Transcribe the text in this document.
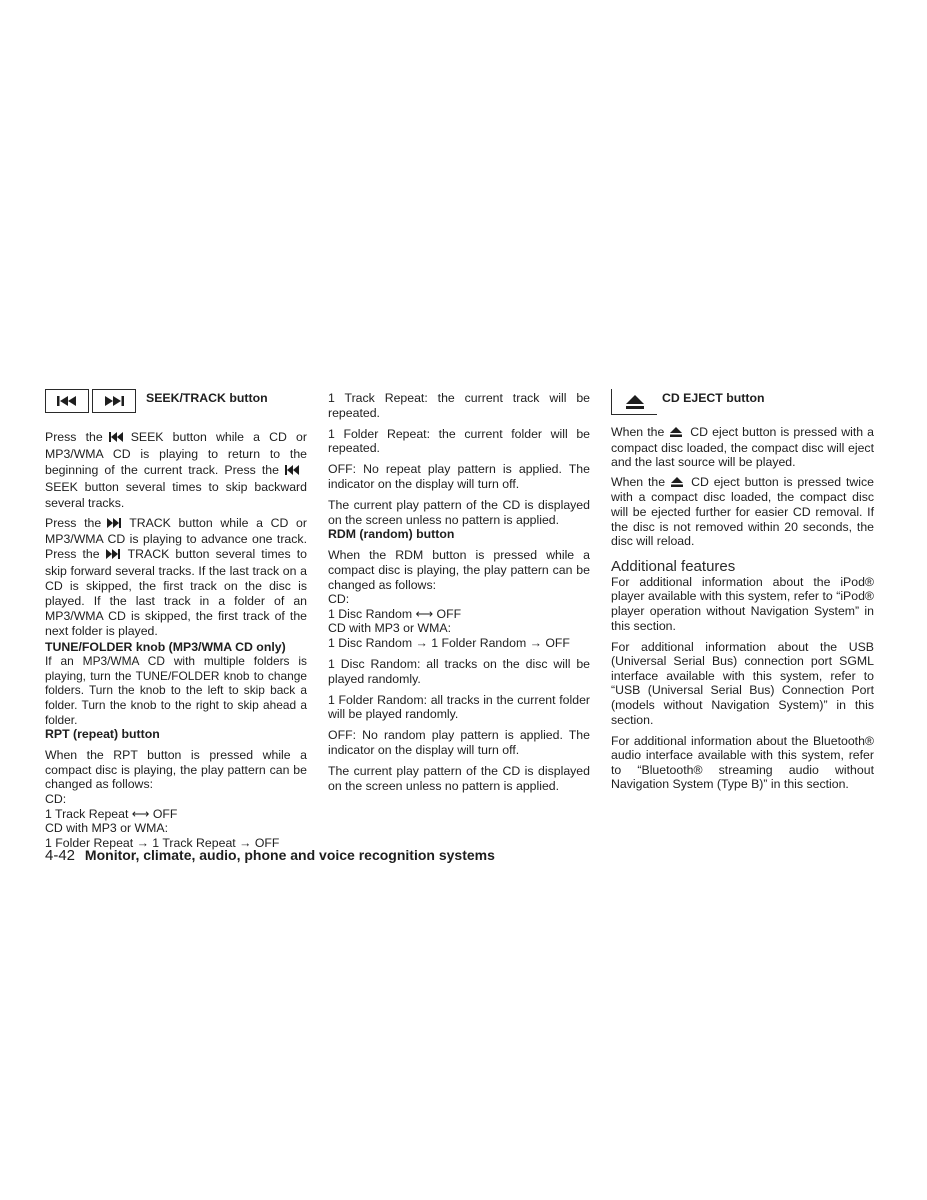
SEEK/TRACK button

Press the SEEK button while a CD or MP3/WMA CD is playing to return to the beginning of the current track. Press theSEEK button several times to skip backward several tracks.

Press the TRACK button while a CD or MP3/WMA CD is playing to advance one track. Press the TRACK button several times to skip forward several tracks. If the last track on a CD is skipped, the first track on the disc is played. If the last track in a folder of an MP3/WMA CD is skipped, the first track of the next folder is played.

TUNE/FOLDER knob (MP3/WMA CD only)

If an MP3/WMA CD with multiple folders is playing, turn the TUNE/FOLDER knob to change folders. Turn the knob to the left to skip back a folder. Turn the knob to the right to skip ahead a folder.

RPT (repeat) button

When the RPT button is pressed while a compact disc is playing, the play pattern can be changed as follows:

CD:

1 Track Repeat ⟷ OFF

CD with MP3 or WMA:

1 Folder Repeat → 1 Track Repeat → OFF

1 Track Repeat: the current track will be repeated.

1 Folder Repeat: the current folder will be repeated.

OFF: No repeat play pattern is applied. The indicator on the display will turn off.

The current play pattern of the CD is displayed on the screen unless no pattern is applied.

RDM (random) button

When the RDM button is pressed while a compact disc is playing, the play pattern can be changed as follows:

CD:

1 Disc Random ⟷ OFF

CD with MP3 or WMA:

1 Disc Random → 1 Folder Random → OFF

1 Disc Random: all tracks on the disc will be played randomly.

1 Folder Random: all tracks in the current folder will be played randomly.

OFF: No random play pattern is applied. The indicator on the display will turn off.

The current play pattern of the CD is displayed on the screen unless no pattern is applied.

CD EJECT button

When the CD eject button is pressed with a compact disc loaded, the compact disc will eject and the last source will be played.

When the CD eject button is pressed twice with a compact disc loaded, the compact disc will be ejected further for easier CD removal. If the disc is not removed within 20 seconds, the disc will reload.

Additional features

For additional information about the iPod® player available with this system, refer to “iPod® player operation without Navigation System” in this section.

For additional information about the USB (Universal Serial Bus) connection port SGML interface available with this system, refer to “USB (Universal Serial Bus) Connection Port (models without Navigation System)” in this section.

For additional information about the Bluetooth® audio interface available with this system, refer to “Bluetooth® streaming audio without Navigation System (Type B)” in this section.

4-42 Monitor, climate, audio, phone and voice recognition systems
